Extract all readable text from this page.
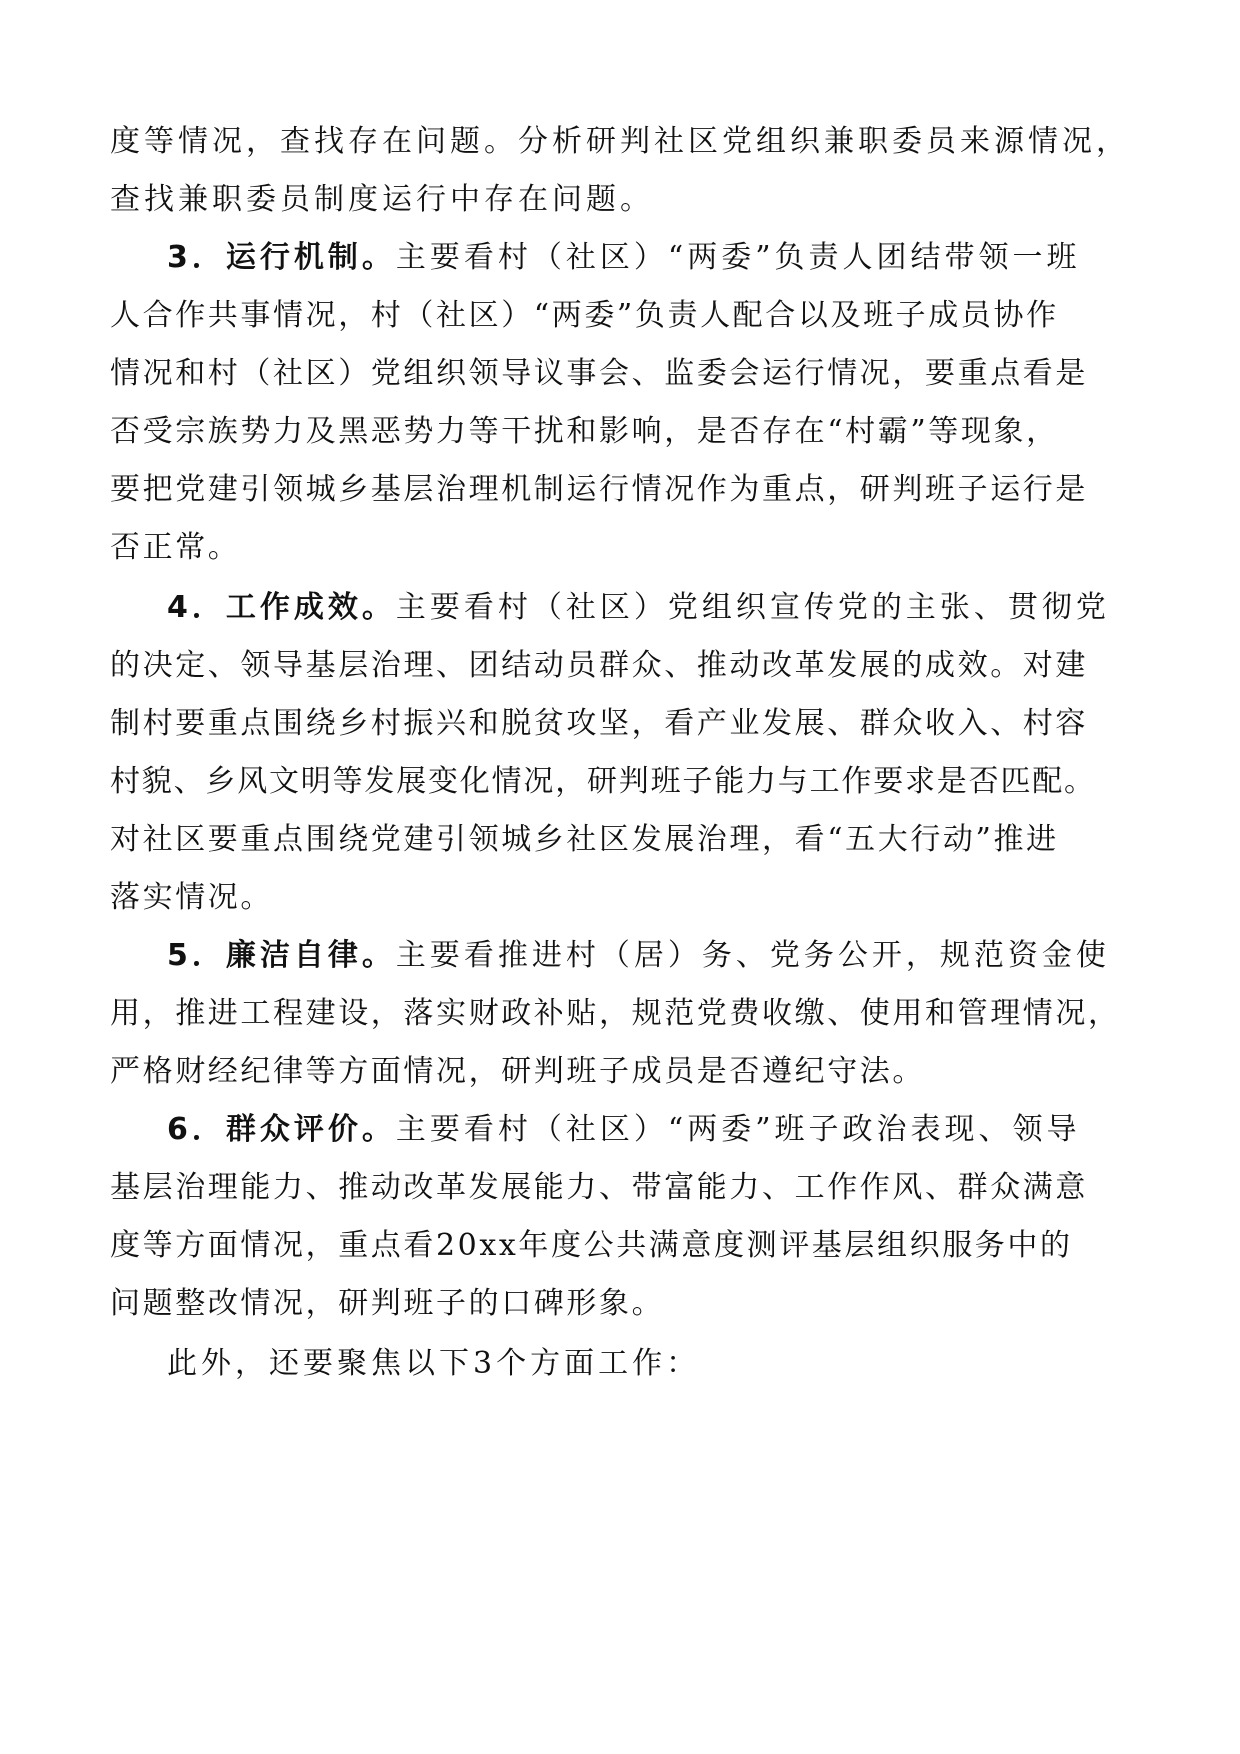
度等情况，查找存在问题。分析研判社区党组织兼职委员来源情况，
查找兼职委员制度运行中存在问题。
3．运行机制。主要看村（社区）“两委”负责人团结带领一班
人合作共事情况，村（社区）“两委”负责人配合以及班子成员协作
情况和村（社区）党组织领导议事会、监委会运行情况，要重点看是
否受宗族势力及黑恶势力等干扰和影响，是否存在“村霸”等现象，
要把党建引领城乡基层治理机制运行情况作为重点，研判班子运行是
否正常。
4．工作成效。主要看村（社区）党组织宣传党的主张、贯彻党
的决定、领导基层治理、团结动员群众、推动改革发展的成效。对建
制村要重点围绕乡村振兴和脱贫攻坚，看产业发展、群众收入、村容
村貌、乡风文明等发展变化情况，研判班子能力与工作要求是否匹配。
对社区要重点围绕党建引领城乡社区发展治理，看“五大行动”推进
落实情况。
5．廉洁自律。主要看推进村（居）务、党务公开，规范资金使
用，推进工程建设，落实财政补贴，规范党费收缴、使用和管理情况，
严格财经纪律等方面情况，研判班子成员是否遵纪守法。
6．群众评价。主要看村（社区）“两委”班子政治表现、领导
基层治理能力、推动改革发展能力、带富能力、工作作风、群众满意
度等方面情况，重点看20xx年度公共满意度测评基层组织服务中的
问题整改情况，研判班子的口碑形象。
此外，还要聚焦以下3个方面工作：
